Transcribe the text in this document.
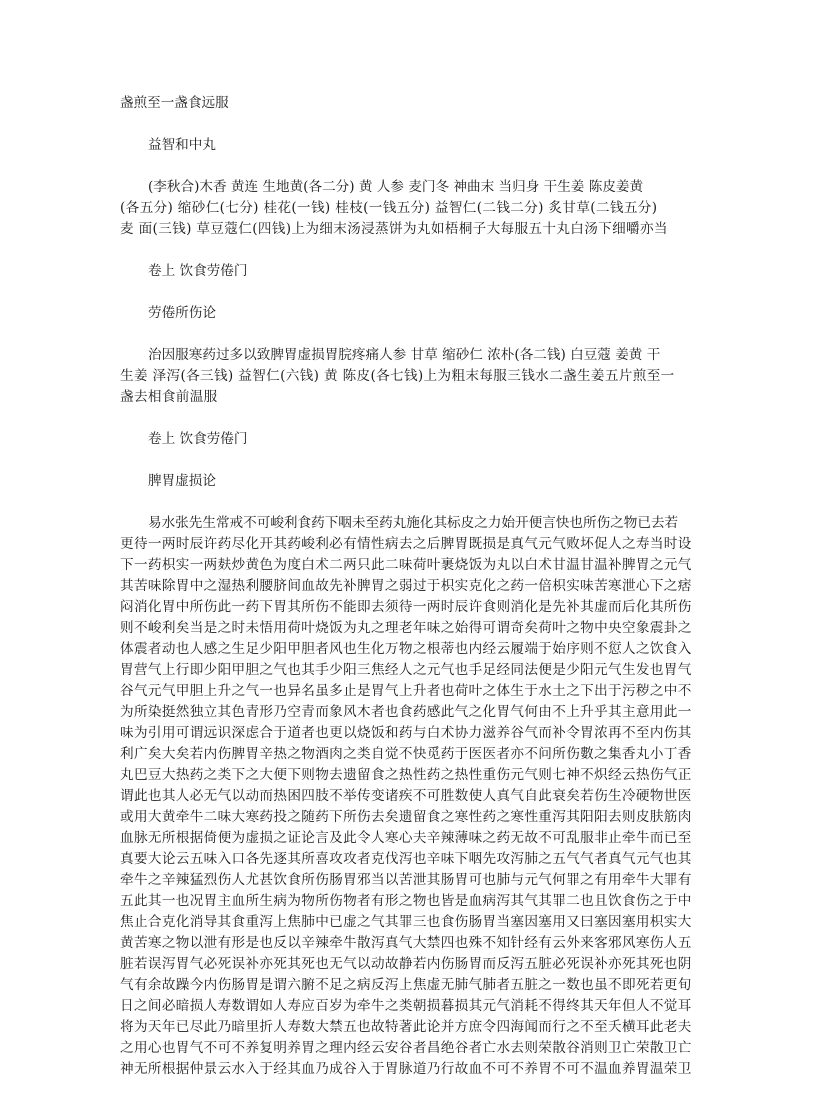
盏煎至一盏食远服
益智和中丸
(李秋合)木香 黄连 生地黄(各二分) 黄 人参 麦门冬 神曲末 当归身 干生姜 陈皮姜黄
(各五分) 缩砂仁(七分) 桂花(一钱) 桂枝(一钱五分) 益智仁(二钱二分) 炙甘草(二钱五分)
麦 面(三钱) 草豆蔻仁(四钱)上为细末汤浸蒸饼为丸如梧桐子大每服五十丸白汤下细嚼亦当
卷上 饮食劳倦门
劳倦所伤论
治因服寒药过多以致脾胃虚损胃脘疼痛人参 甘草 缩砂仁 浓朴(各二钱) 白豆蔻 姜黄 干
生姜 泽泻(各三钱) 益智仁(六钱) 黄 陈皮(各七钱)上为粗末每服三钱水二盏生姜五片煎至一
盏去相食前温服
卷上 饮食劳倦门
脾胃虚损论
易水张先生常戒不可峻利食药下咽未至药丸施化其标皮之力始开便言快也所伤之物已去若
更待一两时辰许药尽化开其药峻利必有情性病去之后脾胃既损是真气元气败坏促人之寿当时设
下一药枳实一两麸炒黄色为度白术二两只此二味荷叶裹烧饭为丸以白术甘温甘温补脾胃之元气
其苦味除胃中之湿热利腰脐间血故先补脾胃之弱过于枳实克化之药一倍枳实味苦寒泄心下之痞
闷消化胃中所伤此一药下胃其所伤不能即去须待一两时辰许食则消化是先补其虚而后化其所伤
则不峻利矣当是之时未悟用荷叶烧饭为丸之理老年味之始得可谓奇矣荷叶之物中央空象震卦之
体震者动也人感之生足少阳甲胆者风也生化万物之根蒂也内经云履端于始序则不愆人之饮食入
胃营气上行即少阳甲胆之气也其手少阳三焦经人之元气也手足经同法便是少阳元气生发也胃气
谷气元气甲胆上升之气一也异名虽多止是胃气上升者也荷叶之体生于水土之下出于污秽之中不
为所染挺然独立其色青形乃空青而象风木者也食药感此气之化胃气何由不上升乎其主意用此一
味为引用可谓远识深虑合于道者也更以烧饭和药与白术协力滋养谷气而补令胃浓再不至内伤其
利广矣大矣若内伤脾胃辛热之物酒肉之类自觉不快觅药于医医者亦不问所伤數之集香丸小丁香
丸巴豆大热药之类下之大便下则物去遗留食之热性药之热性重伤元气则七神不炽经云热伤气正
谓此也其人必无气以动而热困四肢不举传变诸疾不可胜数使人真气自此衰矣若伤生冷硬物世医
或用大黄牵牛二味大寒药投之随药下所伤去矣遗留食之寒性药之寒性重泻其阳阳去则皮肤筋肉
血脉无所根据倚便为虚损之证论言及此令人寒心夫辛辣薄味之药无故不可乱服非止牵牛而已至
真要大论云五味入口各先逐其所喜攻攻者克伐泻也辛味下咽先攻泻肺之五气气者真气元气也其
牵牛之辛辣猛烈伤人尤甚饮食所伤肠胃邪当以苦泄其肠胃可也肺与元气何罪之有用牵牛大罪有
五此其一也况胃主血所生病为物所伤物者有形之物也皆是血病泻其气其罪二也且饮食伤之于中
焦止合克化消导其食重泻上焦肺中已虚之气其罪三也食伤肠胃当塞因塞用又曰塞因塞用枳实大
黄苦寒之物以泄有形是也反以辛辣牵牛散泻真气大禁四也殊不知针经有云外来客邪风寒伤人五
脏若误泻胃气必死误补亦死其死也无气以动故静若内伤肠胃而反泻五脏必死误补亦死其死也阴
气有余故躁今内伤肠胃是谓六腑不足之病反泻上焦虚无肺气肺者五脏之一数也虽不即死若更旬
日之间必暗损人寿数谓如人寿应百岁为牵牛之类朝损暮损其元气消耗不得终其天年但人不觉耳
将为天年已尽此乃暗里折人寿数大禁五也故特著此论并方庶令四海闻而行之不至夭横耳此老夫
之用心也胃气不可不养复明养胃之理内经云安谷者昌绝谷者亡水去则荣散谷消则卫亡荣散卫亡
神无所根据仲景云水入于经其血乃成谷入于胃脉道乃行故血不可不养胃不可不温血养胃温荣卫
